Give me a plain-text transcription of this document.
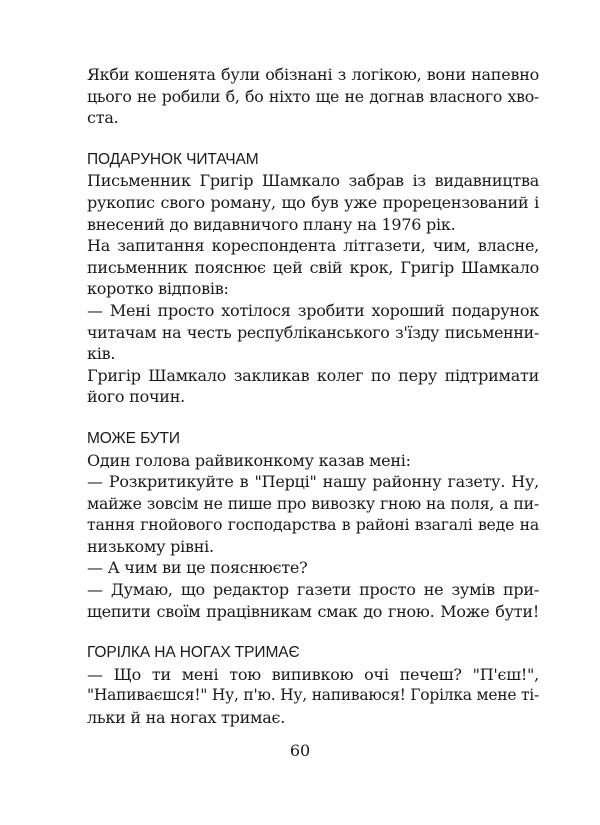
Якби кошенята були обізнані з логікою, вони напевно
цього не робили б, бо ніхто ще не догнав власного хво-
ста.
ПОДАРУНОК ЧИТАЧАМ
Письменник Григір Шамкало забрав із видавництва
рукопис свого роману, що був уже прорецензований і
внесений до видавничого плану на 1976 рік.
На запитання кореспондента літгазети, чим, власне,
письменник пояснює цей свій крок, Григір Шамкало
коротко відповів:
— Мені просто хотілося зробити хороший подарунок
читачам на честь республіканського з'їзду письменни-
ків.
Григір Шамкало закликав колег по перу підтримати
його почин.
МОЖЕ БУТИ
Один голова райвиконкому казав мені:
— Розкритикуйте в "Перці" нашу районну газету. Ну,
майже зовсім не пише про вивозку гною на поля, а пи-
тання гнойового господарства в районі взагалі веде на
низькому рівні.
— А чим ви це пояснюєте?
— Думаю, що редактор газети просто не зумів при-
щепити своїм працівникам смак до гною. Може бути!
ГОРІЛКА НА НОГАХ ТРИМАЄ
— Що ти мені тою випивкою очі печеш? "П'єш!",
"Напиваєшся!" Ну, п'ю. Ну, напиваюся! Горілка мене ті-
льки й на ногах тримає.
60
